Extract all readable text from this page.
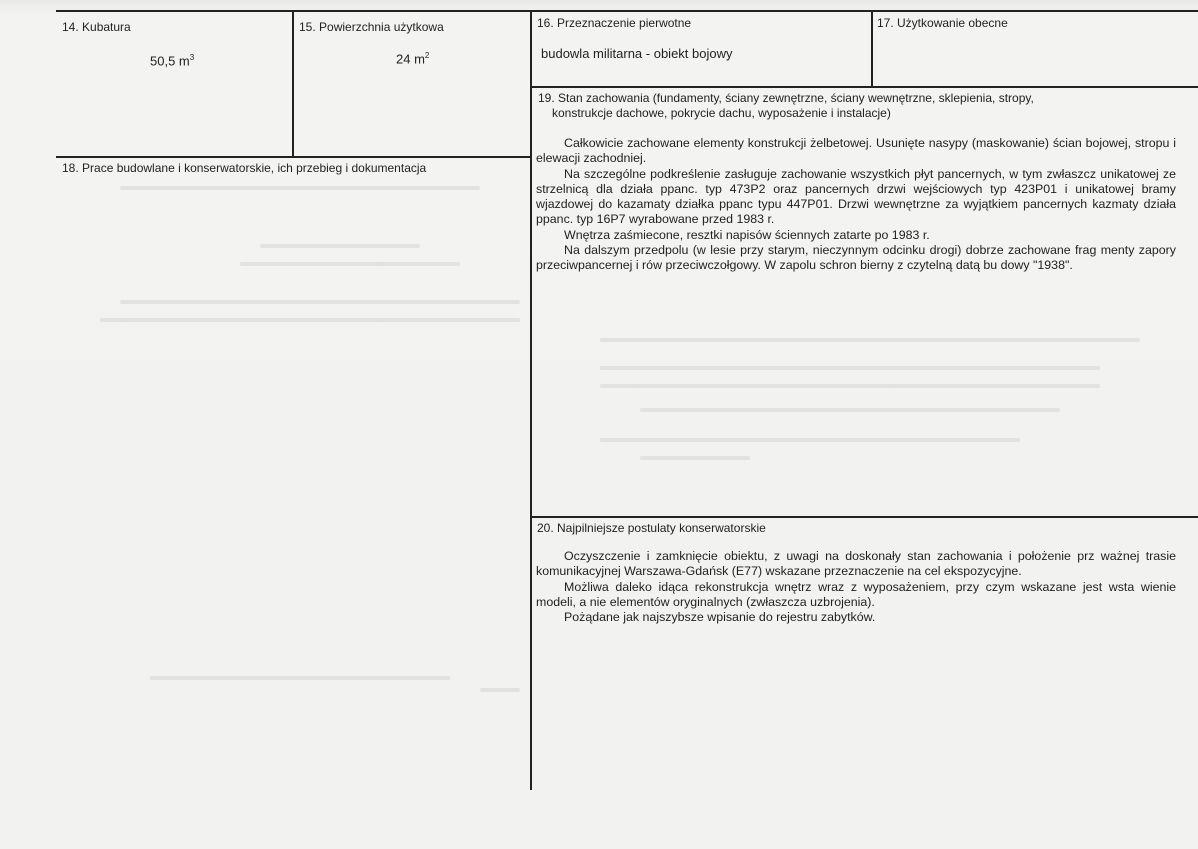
14. Kubatura
50,5 $m^3$
15. Powierzchnia użytkowa
24 $m^2$
16. Przeznaczenie pierwotne
budowla militarna - obiekt bojowy
17. Użytkowanie obecne
18. Prace budowlane i konserwatorskie, ich przebieg i dokumentacja
19. Stan zachowania (fundamenty, ściany zewnętrzne, ściany wewnętrzne, sklepienia, stropy,
konstrukcje dachowe, pokrycie dachu, wyposażenie i instalacje)

Całkowicie zachowane elementy konstrukcji żelbetowej. Usunięte nasypy (maskowanie) ścian bojowej, stropu i elewacji zachodniej.

Na szczególne podkreślenie zasługuje zachowanie wszystkich płyt pancernych, w tym zwłaszcz unikatowej ze strzelnicą dla działa ppanc. typ 473P2 oraz pancernych drzwi wejściowych typ 423P01 i unikatowej bramy wjazdowej do kazamaty działka ppanc typu 447P01. Drzwi wewnętrzne za wyjątkiem pancernych kazmaty działa ppanc. typ 16P7 wyrabowane przed 1983 r.

Wnętrza zaśmiecone, resztki napisów ściennych zatarte po 1983 r.

Na dalszym przedpolu (w lesie przy starym, nieczynnym odcinku drogi) dobrze zachowane frag menty zapory przeciwpancernej i rów przeciwczołgowy. W zapolu schron bierny z czytelną datą bu dowy "1938".

20. Najpilniejsze postulaty konserwatorskie

Oczyszczenie i zamknięcie obiektu, z uwagi na doskonały stan zachowania i położenie prz ważnej trasie komunikacyjnej Warszawa-Gdańsk (E77) wskazane przeznaczenie na cel ekspozycyjne.

Możliwa daleko idąca rekonstrukcja wnętrz wraz z wyposażeniem, przy czym wskazane jest wsta wienie modeli, a nie elementów oryginalnych (zwłaszcza uzbrojenia).

Pożądane jak najszybsze wpisanie do rejestru zabytków.
